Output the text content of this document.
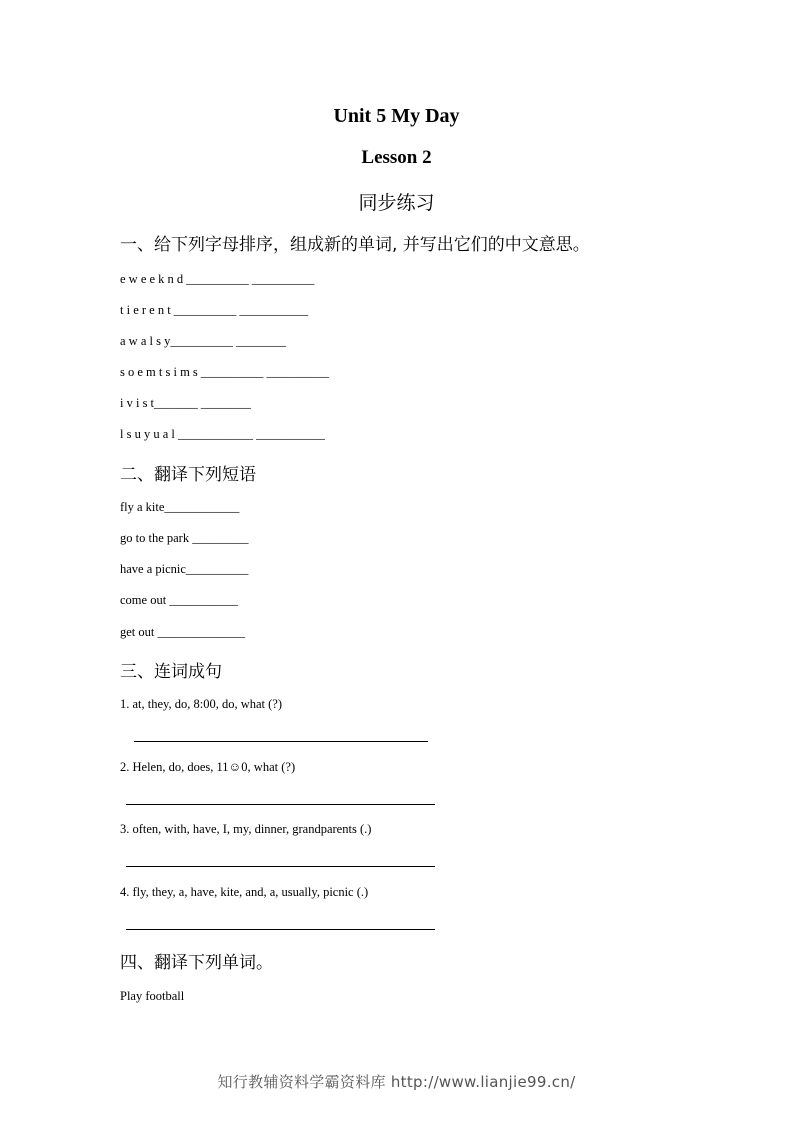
Unit 5 My Day
Lesson 2
同步练习
一、给下列字母排序，组成新的单词, 并写出它们的中文意思。
e w e e k n d __________ __________
t i e r e n t __________ ___________
a w a l s y__________ ________
s o e m t s i m s __________ __________
i v i s t_______ ________
l s u y u a l ____________ ___________
二、翻译下列短语
fly a kite____________
go to the park _________
have a picnic__________
come out ___________
get out ______________
三、连词成句
1. at, they, do, 8:00, do, what (?)
2. Helen, do, does, 11☺0, what (?)
3. often, with, have, I, my, dinner, grandparents (.)
4. fly, they, a, have, kite, and, a, usually, picnic (.)
四、翻译下列单词。
Play football
知行教辅资料学霸资料库 http://www.lianjie99.cn/
